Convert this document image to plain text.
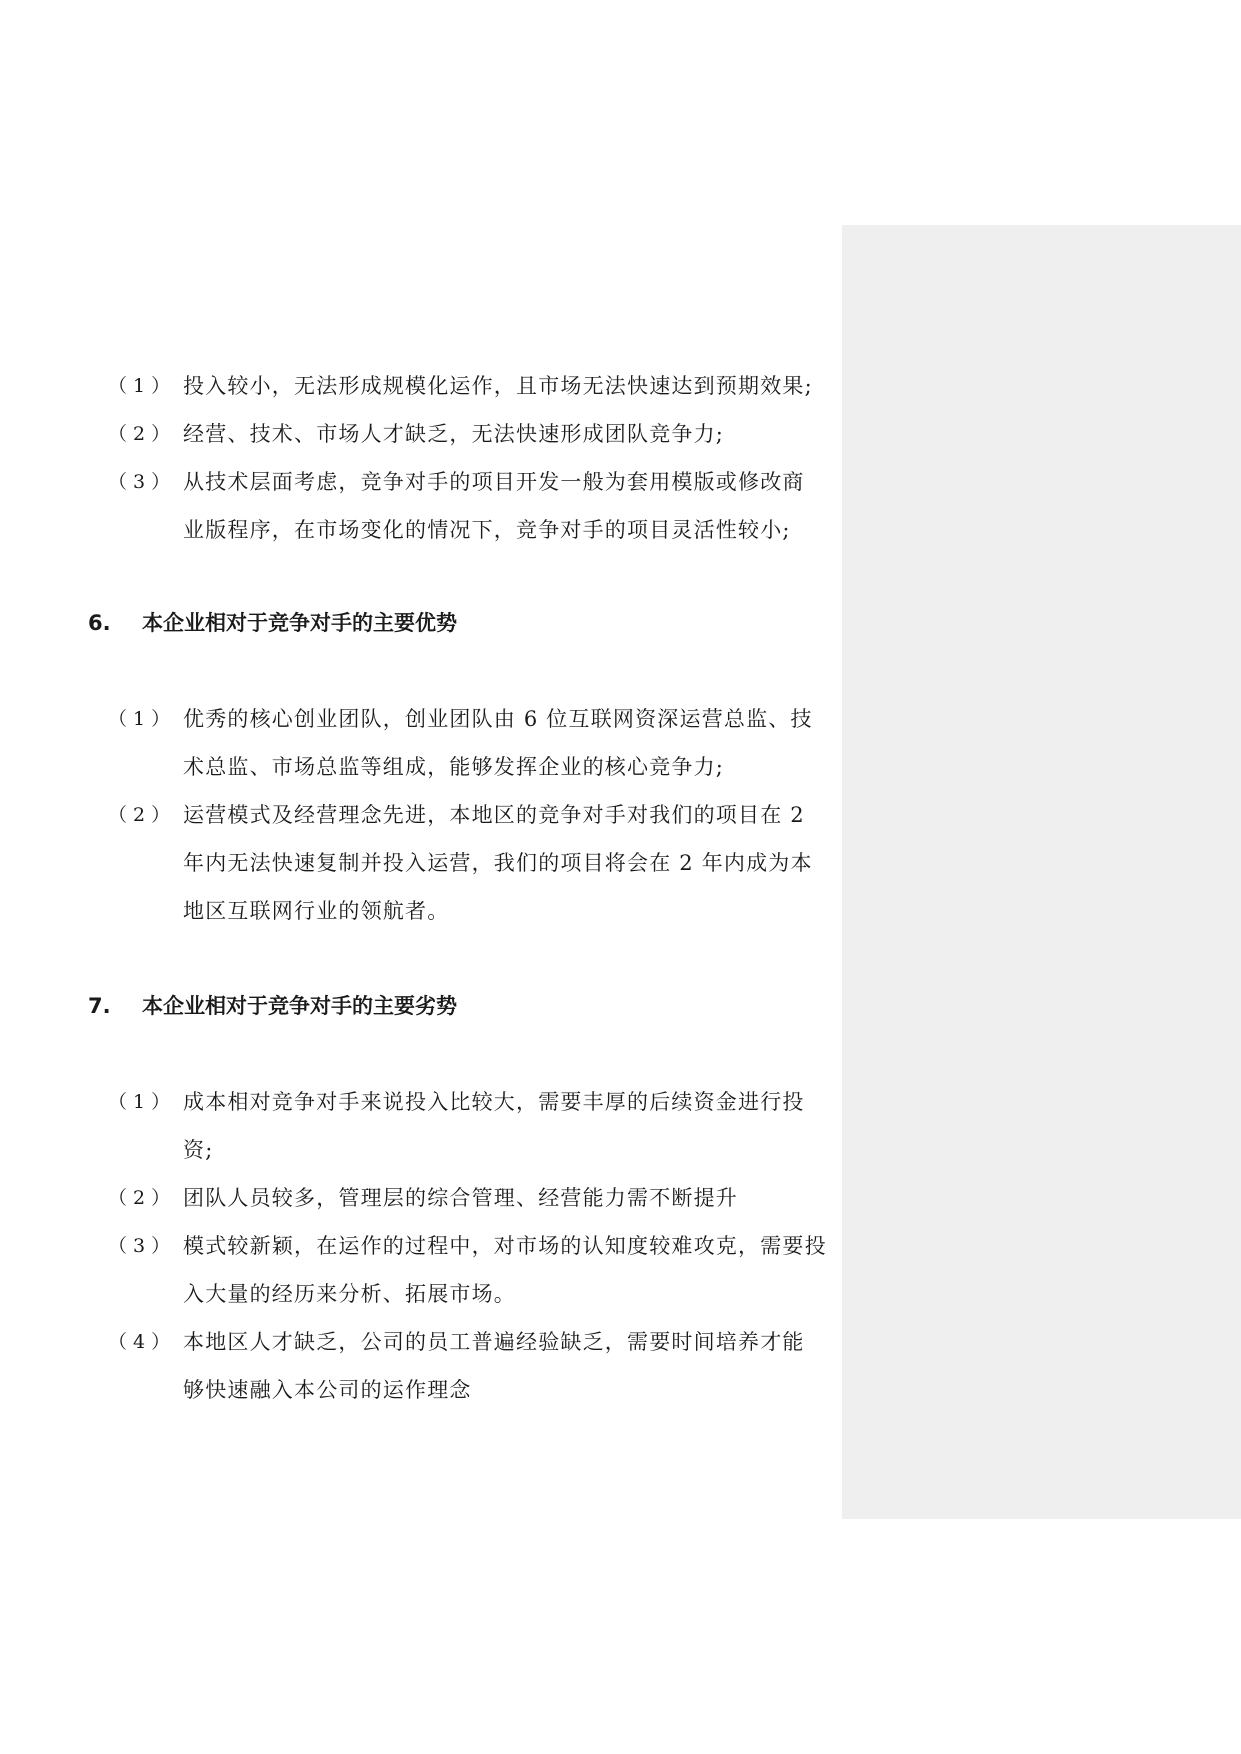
（1） 投入较小，无法形成规模化运作，且市场无法快速达到预期效果;
（2） 经营、技术、市场人才缺乏，无法快速形成团队竞争力;
（3） 从技术层面考虑，竞争对手的项目开发一般为套用模版或修改商
业版程序，在市场变化的情况下，竞争对手的项目灵活性较小;
6. 本企业相对于竞争对手的主要优势
（1） 优秀的核心创业团队，创业团队由 6 位互联网资深运营总监、技
术总监、市场总监等组成，能够发挥企业的核心竞争力;
（2） 运营模式及经营理念先进，本地区的竞争对手对我们的项目在 2
年内无法快速复制并投入运营，我们的项目将会在 2 年内成为本
地区互联网行业的领航者。
7. 本企业相对于竞争对手的主要劣势
（1） 成本相对竞争对手来说投入比较大，需要丰厚的后续资金进行投
资;
（2） 团队人员较多，管理层的综合管理、经营能力需不断提升
（3） 模式较新颖，在运作的过程中，对市场的认知度较难攻克，需要投
入大量的经历来分析、拓展市场。
（4） 本地区人才缺乏，公司的员工普遍经验缺乏，需要时间培养才能
够快速融入本公司的运作理念
